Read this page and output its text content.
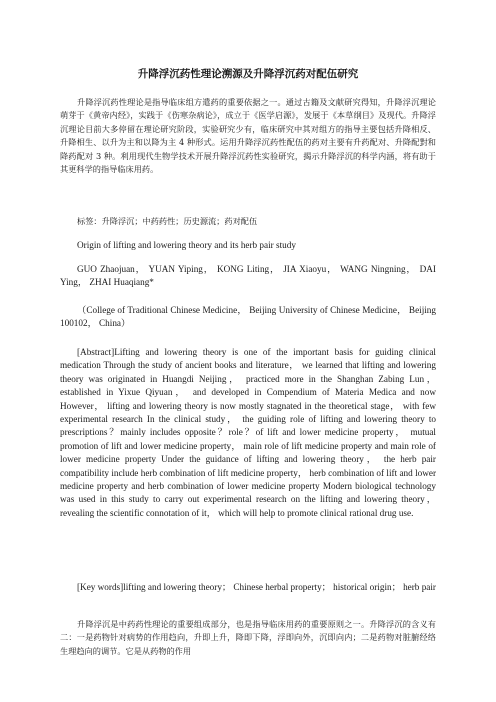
升降浮沉药性理论溯源及升降浮沉药对配伍研究
升降浮沉药性理论是指导临床组方遣药的重要依据之一。通过古籍及文献研究得知，升降浮沉理论萌芽于《黄帝内经》，实践于《伤寒杂病论》，成立于《医学启源》，发展于《本草纲目》及现代。升降浮沉理论目前大多停留在理论研究阶段，实验研究少有，临床研究中其对组方的指导主要包括升降相反、升降相生、以升为主和以降为主 4 种形式。运用升降浮沉药性配伍的药对主要有升药配对、升降配對和降药配对 3 种。利用现代生物学技术开展升降浮沉药性实验研究，揭示升降浮沉的科学内涵，将有助于其更科学的指导临床用药。
标签：升降浮沉；中药药性；历史源流；药对配伍
Origin of lifting and lowering theory and its herb pair study
GUO Zhaojuan， YUAN Yiping， KONG Liting， JIA Xiaoyu， WANG Ningning， DAI Ying， ZHAI Huaqiang*
（College of Traditional Chinese Medicine， Beijing University of Chinese Medicine， Beijing 100102， China）
[Abstract]Lifting and lowering theory is one of the important basis for guiding clinical medication Through the study of ancient books and literature， we learned that lifting and lowering theory was originated in Huangdi Neijing， practiced more in the Shanghan Zabing Lun， established in Yixue Qiyuan， and developed in Compendium of Materia Medica and now However， lifting and lowering theory is now mostly stagnated in the theoretical stage， with few experimental research In the clinical study， the guiding role of lifting and lowering theory to prescriptions？mainly includes opposite？role？of lift and lower medicine property， mutual promotion of lift and lower medicine property， main role of lift medicine property and main role of lower medicine property Under the guidance of lifting and lowering theory， the herb pair compatibility include herb combination of lift medicine property， herb combination of lift and lower medicine property and herb combination of lower medicine property Modern biological technology was used in this study to carry out experimental research on the lifting and lowering theory， revealing the scientific connotation of it， which will help to promote clinical rational drug use.
[Key words]lifting and lowering theory； Chinese herbal property； historical origin； herb pair
升降浮沉是中药药性理论的重要组成部分，也是指导临床用药的重要原则之一。升降浮沉的含义有二：一是药物针对病势的作用趋向，升即上升，降即下降，浮即向外，沉即向内；二是药物对脏腑经络生理趋向的调节。它是从药物的作用
